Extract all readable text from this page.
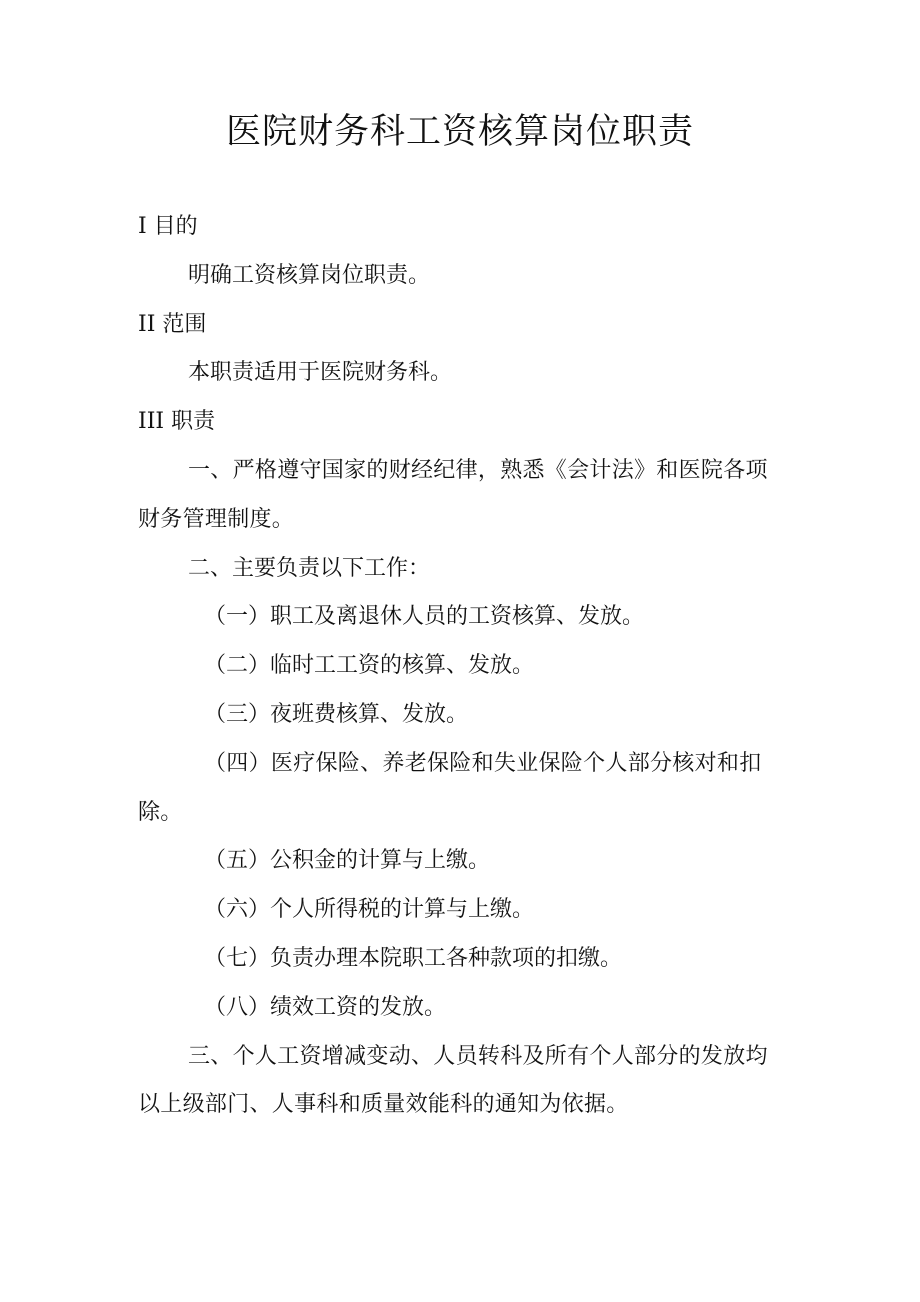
医院财务科工资核算岗位职责

I 目的

明确工资核算岗位职责。

II 范围

本职责适用于医院财务科。

III 职责

一、严格遵守国家的财经纪律，熟悉《会计法》和医院各项财务管理制度。

二、主要负责以下工作：

（一）职工及离退休人员的工资核算、发放。

（二）临时工工资的核算、发放。

（三）夜班费核算、发放。

（四）医疗保险、养老保险和失业保险个人部分核对和扣除。

（五）公积金的计算与上缴。

（六）个人所得税的计算与上缴。

（七）负责办理本院职工各种款项的扣缴。

（八）绩效工资的发放。

三、个人工资增减变动、人员转科及所有个人部分的发放均以上级部门、人事科和质量效能科的通知为依据。
